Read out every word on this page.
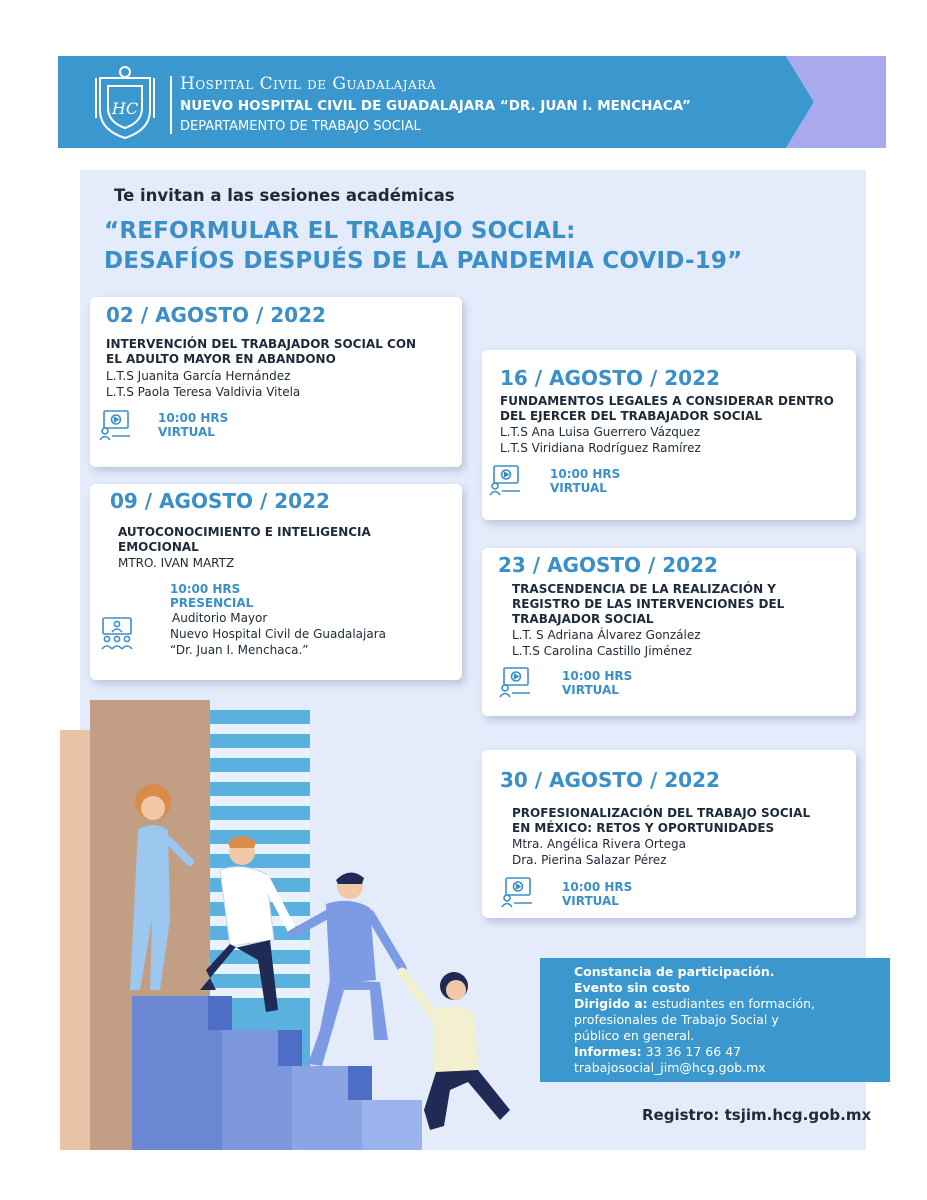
HC
Hospital Civil de Guadalajara
NUEVO HOSPITAL CIVIL DE GUADALAJARA “DR. JUAN I. MENCHACA”
DEPARTAMENTO DE TRABAJO SOCIAL
Te invitan a las sesiones académicas
“REFORMULAR EL TRABAJO SOCIAL:
DESAFÍOS DESPUÉS DE LA PANDEMIA COVID-19”
02 / AGOSTO / 2022
INTERVENCIÓN DEL TRABAJADOR SOCIAL CON
EL ADULTO MAYOR EN ABANDONO
L.T.S Juanita García Hernández
L.T.S Paola Teresa Valdivia Vitela
10:00 HRS
VIRTUAL
16 / AGOSTO / 2022
FUNDAMENTOS LEGALES A CONSIDERAR DENTRO
DEL EJERCER DEL TRABAJADOR SOCIAL
L.T.S Ana Luisa Guerrero Vázquez
L.T.S Viridiana Rodríguez Ramírez
10:00 HRS
VIRTUAL
09 / AGOSTO / 2022
AUTOCONOCIMIENTO E INTELIGENCIA
EMOCIONAL
MTRO. IVAN MARTZ
10:00 HRS
PRESENCIAL
Auditorio Mayor
Nuevo Hospital Civil de Guadalajara
“Dr. Juan I. Menchaca.”
23 / AGOSTO / 2022
TRASCENDENCIA DE LA REALIZACIÓN Y
REGISTRO DE LAS INTERVENCIONES DEL
TRABAJADOR SOCIAL
L.T. S Adriana Álvarez González
L.T.S Carolina Castillo Jiménez
10:00 HRS
VIRTUAL
30 / AGOSTO / 2022
PROFESIONALIZACIÓN DEL TRABAJO SOCIAL
EN MÉXICO: RETOS Y OPORTUNIDADES
Mtra. Angélica Rivera Ortega
Dra. Pierina Salazar Pérez
10:00 HRS
VIRTUAL
Constancia de participación.
Evento sin costo
Dirigido a: estudiantes en formación,
profesionales de Trabajo Social y
público en general.
Informes: 33 36 17 66 47
trabajosocial_jim@hcg.gob.mx
Registro: tsjim.hcg.gob.mx
